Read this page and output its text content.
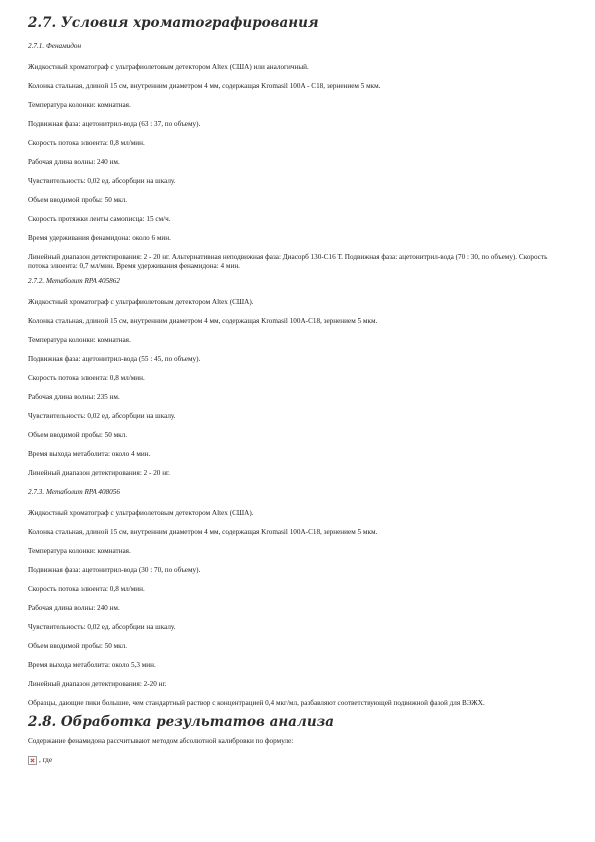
2.7. Условия хроматографирования
2.7.1. Фенамидон

Жидкостный хроматограф с ультрафиолетовым детектором Altex (США) или аналогичный.

Колонка стальная, длиной 15 см, внутренним диаметром 4 мм, содержащая Kromasil 100A - C18, зернением 5 мкм.

Температура колонки: комнатная.

Подвижная фаза: ацетонитрил-вода (63 : 37, по объему).

Скорость потока элюента: 0,8 мл/мин.

Рабочая длина волны: 240 нм.

Чувствительность: 0,02 ед. абсорбции на шкалу.

Объем вводимой пробы: 50 мкл.

Скорость протяжки ленты самописца: 15 см/ч.

Время удерживания фенамидона: около 6 мин.

Линейный диапазон детектирования: 2 - 20 нг. Альтернативная неподвижная фаза: Диасорб 130-С16 Т. Подвижная фаза: ацетонитрил-вода (70 : 30, по объему). Скорость потока элюента: 0,7 мл/мин. Время удерживания фенамидона: 4 мин.

2.7.2. Метаболит RPA 405862

Жидкостный хроматограф с ультрафиолетовым детектором Altex (США).

Колонка стальная, длиной 15 см, внутренним диаметром 4 мм, содержащая Kromasil 100A-C18, зернением 5 мкм.

Температура колонки: комнатная.

Подвижная фаза: ацетонитрил-вода (55 : 45, по объему).

Скорость потока элюента: 0,8 мл/мин.

Рабочая длина волны: 235 нм.

Чувствительность: 0,02 ед. абсорбции на шкалу.

Объем вводимой пробы: 50 мкл.

Время выхода метаболита: около 4 мин.

Линейный диапазон детектирования: 2 - 20 нг.

2.7.3. Метаболит RPA 408056

Жидкостный хроматограф с ультрафиолетовым детектором Altex (США).

Колонка стальная, длиной 15 см, внутренним диаметром 4 мм, содержащая Kromasil 100A-C18, зернением 5 мкм.

Температура колонки: комнатная.

Подвижная фаза: ацетонитрил-вода (30 : 70, по объему).

Скорость потока элюента: 0,8 мл/мин.

Рабочая длина волны: 240 нм.

Чувствительность: 0,02 ед. абсорбции на шкалу.

Объем вводимой пробы: 50 мкл.

Время выхода метаболита: около 5,3 мин.

Линейный диапазон детектирования: 2-20 нг.

Образцы, дающие пики большие, чем стандартный раствор с концентрацией 0,4 мкг/мл, разбавляют соответствующей подвижной фазой для ВЭЖХ.

2.8. Обработка результатов анализа

Содержание фенамидона рассчитывают методом абсолютной калибровки по формуле:

, где
